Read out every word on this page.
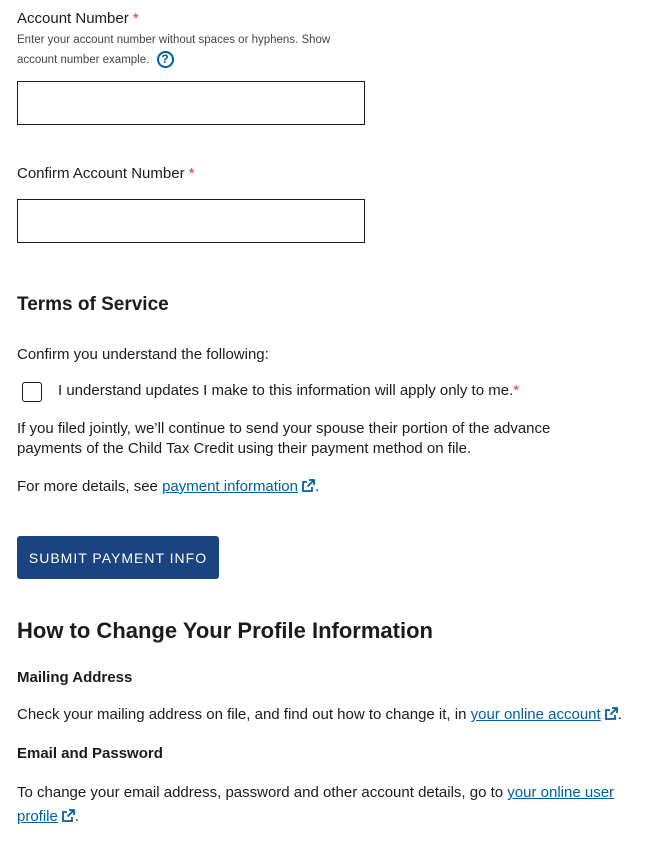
Account Number *
Enter your account number without spaces or hyphens. Show
account number example. ?
Confirm Account Number *
Terms of Service
Confirm you understand the following:
I understand updates I make to this information will apply only to me.*
If you filed jointly, we’ll continue to send your spouse their portion of the advance
payments of the Child Tax Credit using their payment method on file.
For more details, see payment information .
SUBMIT PAYMENT INFO
How to Change Your Profile Information
Mailing Address
Check your mailing address on file, and find out how to change it, in your online account .
Email and Password
To change your email address, password and other account details, go to your online user
profile .
